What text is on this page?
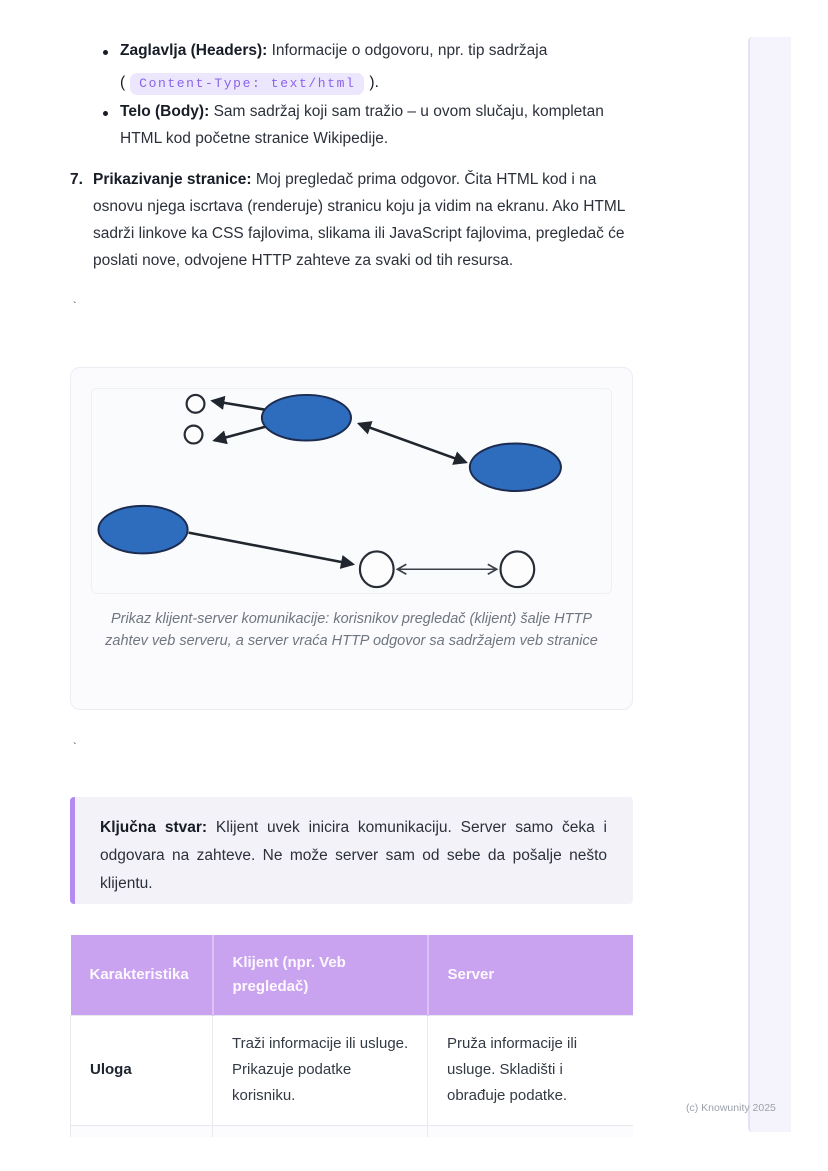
Zaglavlja (Headers): Informacije o odgovoru, npr. tip sadržaja
( Content-Type: text/html ).
Telo (Body): Sam sadržaj koji sam tražio – u ovom slučaju, kompletan HTML kod početne stranice Wikipedije.
7. Prikazivanje stranice: Moj pregledač prima odgovor. Čita HTML kod i na osnovu njega iscrtava (renderuje) stranicu koju ja vidim na ekranu. Ako HTML sadrži linkove ka CSS fajlovima, slikama ili JavaScript fajlovima, pregledač će poslati nove, odvojene HTTP zahteve za svaki od tih resursa.
`
Prikaz klijent-server komunikacije: korisnikov pregledač (klijent) šalje HTTP zahtev veb serveru, a server vraća HTTP odgovor sa sadržajem veb stranice
`
Ključna stvar: Klijent uvek inicira komunikaciju. Server samo čeka i odgovara na zahteve. Ne može server sam od sebe da pošalje nešto klijentu.
Karakteristika	Klijent (npr. Veb pregledač)	Server
Uloga	Traži informacije ili usluge. Prikazuje podatke korisniku.	Pruža informacije ili usluge. Skladišti i obrađuje podatke.

(c) Knowunity 2025
